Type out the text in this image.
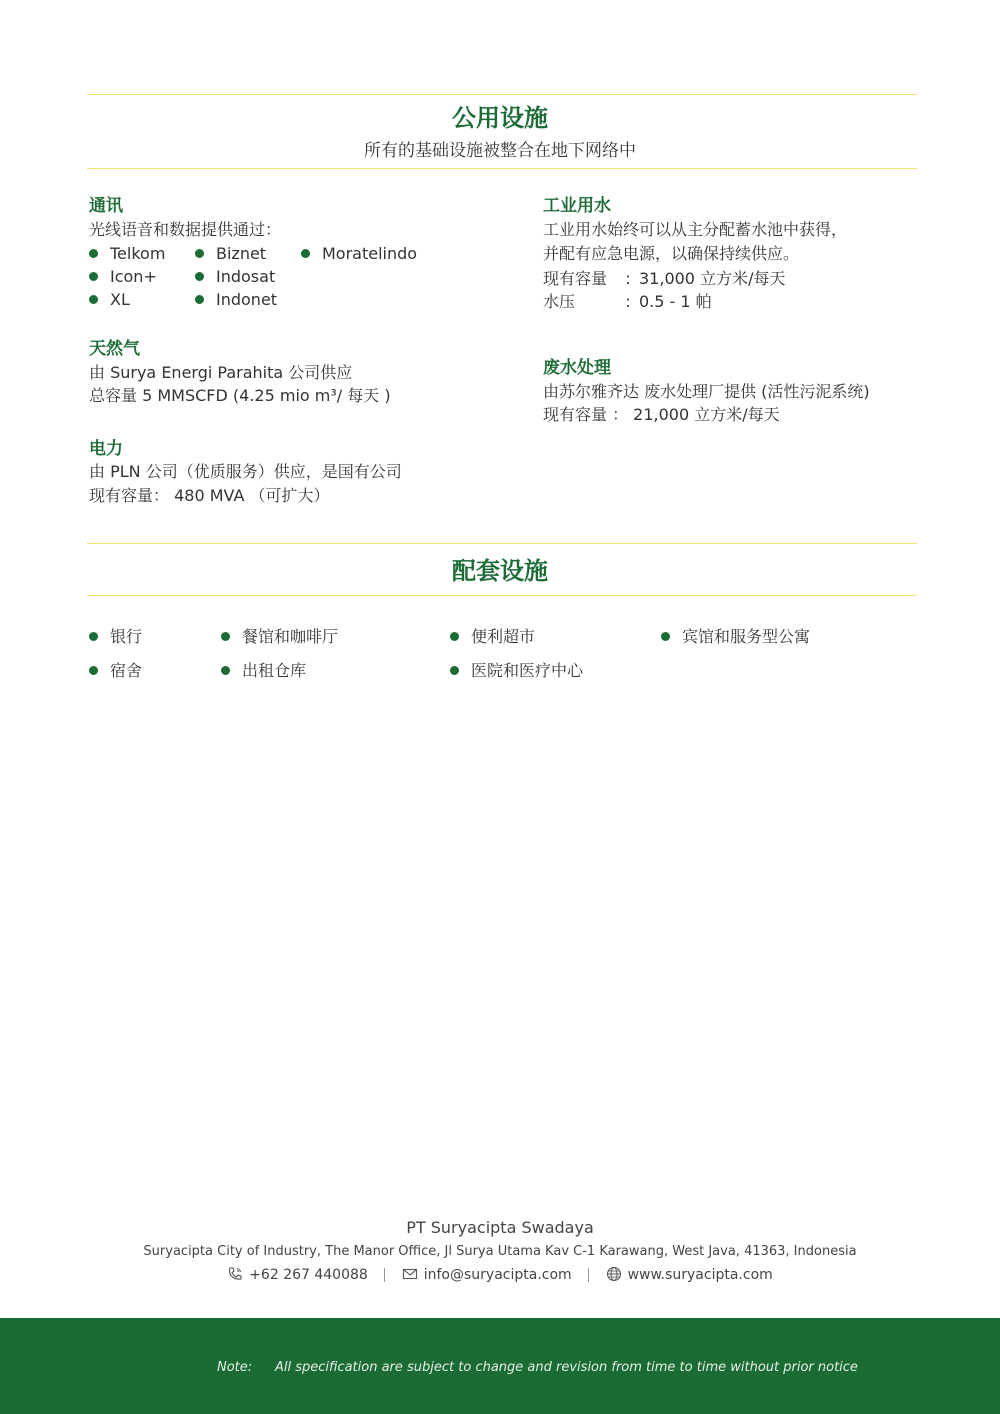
公用设施
所有的基础设施被整合在地下网络中
通讯
光线语音和数据提供通过：
Telkom	Biznet	Moratelindo
Icon+	Indosat
XL	Indonet
天然气
由 Surya Energi Parahita 公司供应
总容量 5 MMSCFD (4.25 mio m³/ 每天 )
电力
由 PLN 公司（优质服务）供应，是国有公司
现有容量： 480 MVA （可扩大）
工业用水
工业用水始终可以从主分配蓄水池中获得，
并配有应急电源，以确保持续供应。
现有容量 : 31,000 立方米/每天
水压	: 0.5 - 1 帕
废水处理
由苏尔雅齐达 废水处理厂提供 (活性污泥系统)
现有容量 ： 21,000 立方米/每天
配套设施
银行	餐馆和咖啡厅	便利超市	宾馆和服务型公寓
宿舍	出租仓库	医院和医疗中心
PT Suryacipta Swadaya
Suryacipta City of Industry, The Manor Office, Jl Surya Utama Kav C-1 Karawang, West Java, 41363, Indonesia
+62 267 440088	info@suryacipta.com	www.suryacipta.com
Note: All specification are subject to change and revision from time to time without prior notice
